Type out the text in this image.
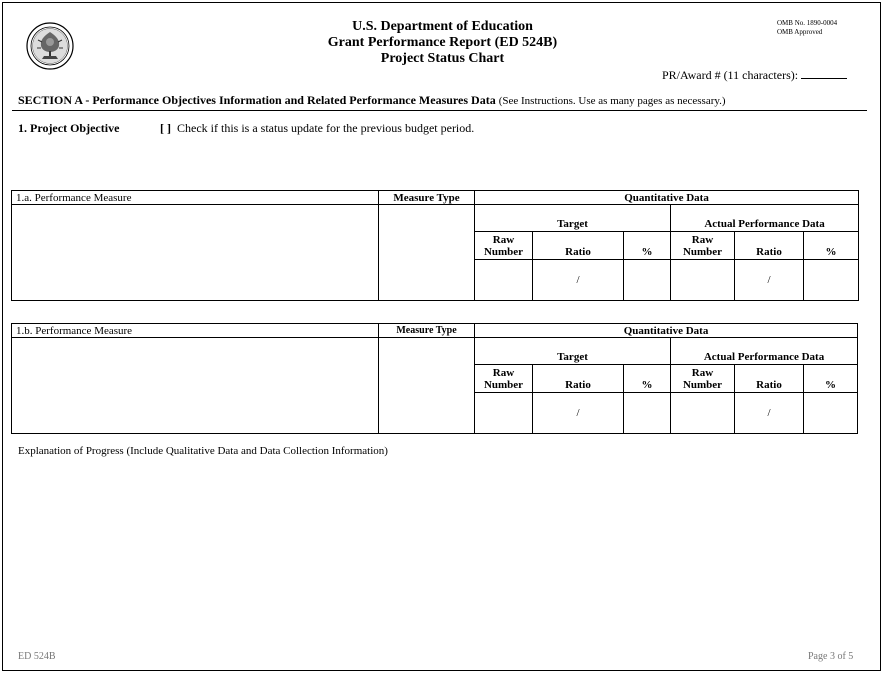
U.S. Department of Education
Grant Performance Report (ED 524B)
Project Status Chart
OMB No. 1890-0004
OMB Approved
PR/Award # (11 characters):
SECTION A - Performance Objectives Information and Related Performance Measures Data (See Instructions. Use as many pages as necessary.)
1. Project Objective	[ ] Check if this is a status update for the previous budget period.
1.a. Performance Measure	Measure Type	Quantitative Data					
		Target			Actual Performance Data		
		Raw Number	Ratio	%	Raw Number	Ratio	%
			/			/	
1.b. Performance Measure	Measure Type	Quantitative Data					
		Target			Actual Performance Data		
		Raw Number	Ratio	%	Raw Number	Ratio	%
			/			/	
Explanation of Progress (Include Qualitative Data and Data Collection Information)
ED 524B	Page 3 of 5
